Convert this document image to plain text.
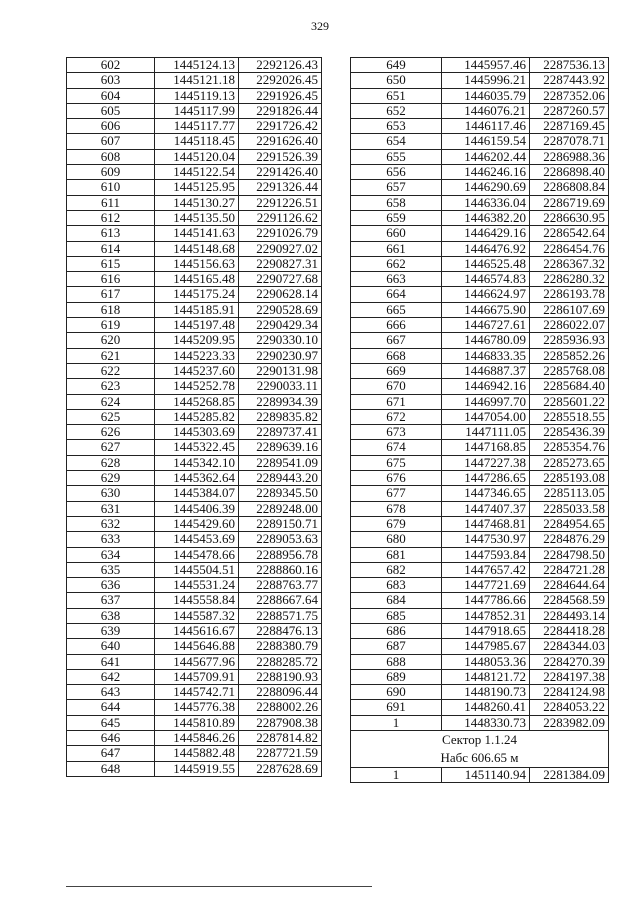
329
602	1445124.13	2292126.43
603	1445121.18	2292026.45
604	1445119.13	2291926.45
605	1445117.99	2291826.44
606	1445117.77	2291726.42
607	1445118.45	2291626.40
608	1445120.04	2291526.39
609	1445122.54	2291426.40
610	1445125.95	2291326.44
611	1445130.27	2291226.51
612	1445135.50	2291126.62
613	1445141.63	2291026.79
614	1445148.68	2290927.02
615	1445156.63	2290827.31
616	1445165.48	2290727.68
617	1445175.24	2290628.14
618	1445185.91	2290528.69
619	1445197.48	2290429.34
620	1445209.95	2290330.10
621	1445223.33	2290230.97
622	1445237.60	2290131.98
623	1445252.78	2290033.11
624	1445268.85	2289934.39
625	1445285.82	2289835.82
626	1445303.69	2289737.41
627	1445322.45	2289639.16
628	1445342.10	2289541.09
629	1445362.64	2289443.20
630	1445384.07	2289345.50
631	1445406.39	2289248.00
632	1445429.60	2289150.71
633	1445453.69	2289053.63
634	1445478.66	2288956.78
635	1445504.51	2288860.16
636	1445531.24	2288763.77
637	1445558.84	2288667.64
638	1445587.32	2288571.75
639	1445616.67	2288476.13
640	1445646.88	2288380.79
641	1445677.96	2288285.72
642	1445709.91	2288190.93
643	1445742.71	2288096.44
644	1445776.38	2288002.26
645	1445810.89	2287908.38
646	1445846.26	2287814.82
647	1445882.48	2287721.59
648	1445919.55	2287628.69
649	1445957.46	2287536.13
650	1445996.21	2287443.92
651	1446035.79	2287352.06
652	1446076.21	2287260.57
653	1446117.46	2287169.45
654	1446159.54	2287078.71
655	1446202.44	2286988.36
656	1446246.16	2286898.40
657	1446290.69	2286808.84
658	1446336.04	2286719.69
659	1446382.20	2286630.95
660	1446429.16	2286542.64
661	1446476.92	2286454.76
662	1446525.48	2286367.32
663	1446574.83	2286280.32
664	1446624.97	2286193.78
665	1446675.90	2286107.69
666	1446727.61	2286022.07
667	1446780.09	2285936.93
668	1446833.35	2285852.26
669	1446887.37	2285768.08
670	1446942.16	2285684.40
671	1446997.70	2285601.22
672	1447054.00	2285518.55
673	1447111.05	2285436.39
674	1447168.85	2285354.76
675	1447227.38	2285273.65
676	1447286.65	2285193.08
677	1447346.65	2285113.05
678	1447407.37	2285033.58
679	1447468.81	2284954.65
680	1447530.97	2284876.29
681	1447593.84	2284798.50
682	1447657.42	2284721.28
683	1447721.69	2284644.64
684	1447786.66	2284568.59
685	1447852.31	2284493.14
686	1447918.65	2284418.28
687	1447985.67	2284344.03
688	1448053.36	2284270.39
689	1448121.72	2284197.38
690	1448190.73	2284124.98
691	1448260.41	2284053.22
1	1448330.73	2283982.09

Сектор 1.1.24
Набс 606.65 м		

1	1451140.94	2281384.09
